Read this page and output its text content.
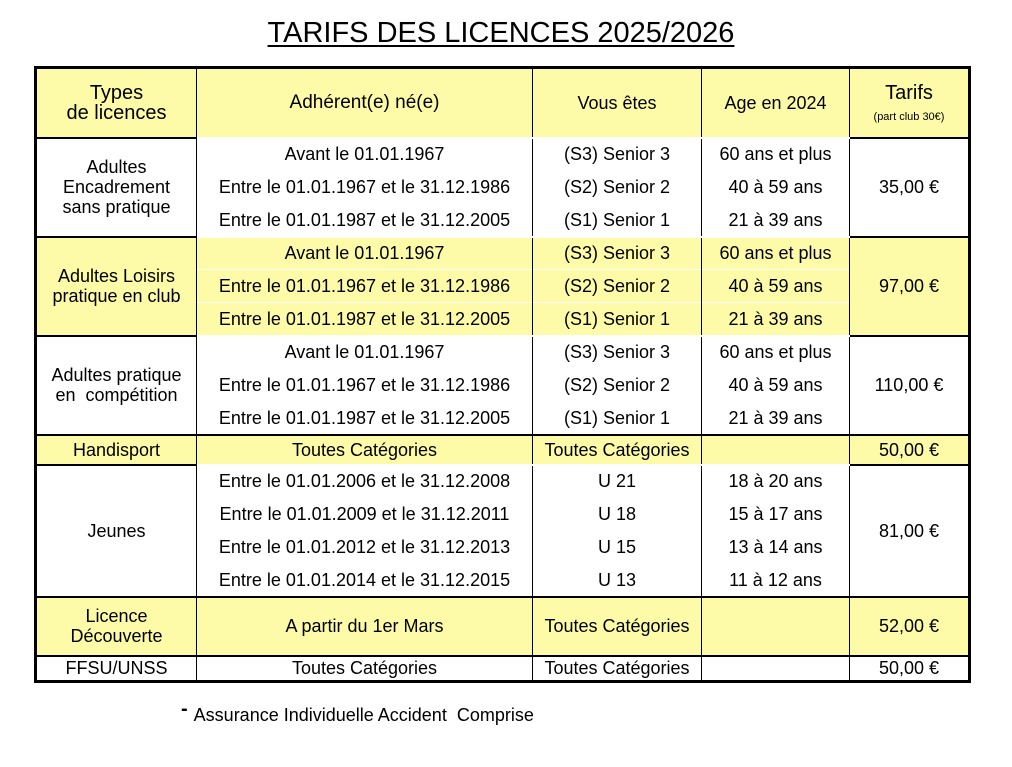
TARIFS DES LICENCES 2025/2026
Types
de licences	Adhérent(e) né(e)	Vous êtes	Age en 2024	Tarifs
(part club 30€)

Adultes
Encadrement
sans pratique	Avant le 01.01.1967	(S3) Senior 3	60 ans et plus	35,00 €
	Entre le 01.01.1967 et le 31.12.1986	(S2) Senior 2	40 à 59 ans	
	Entre le 01.01.1987 et le 31.12.2005	(S1) Senior 1	21 à 39 ans	
Adultes Loisirs
pratique en club	Avant le 01.01.1967	(S3) Senior 3	60 ans et plus	97,00 €
	Entre le 01.01.1967 et le 31.12.1986	(S2) Senior 2	40 à 59 ans	
	Entre le 01.01.1987 et le 31.12.2005	(S1) Senior 1	21 à 39 ans	
Adultes pratique
en  compétition	Avant le 01.01.1967	(S3) Senior 3	60 ans et plus	110,00 €
	Entre le 01.01.1967 et le 31.12.1986	(S2) Senior 2	40 à 59 ans	
	Entre le 01.01.1987 et le 31.12.2005	(S1) Senior 1	21 à 39 ans	
Handisport	Toutes Catégories	Toutes Catégories		50,00 €
Jeunes	Entre le 01.01.2006 et le 31.12.2008	U 21	18 à 20 ans	81,00 €
	Entre le 01.01.2009 et le 31.12.2011	U 18	15 à 17 ans	
	Entre le 01.01.2012 et le 31.12.2013	U 15	13 à 14 ans	
	Entre le 01.01.2014 et le 31.12.2015	U 13	11 à 12 ans	
Licence
Découverte	A partir du 1er Mars	Toutes Catégories		52,00 €
FFSU/UNSS	Toutes Catégories	Toutes Catégories		50,00 €
- Assurance Individuelle Accident  Comprise
